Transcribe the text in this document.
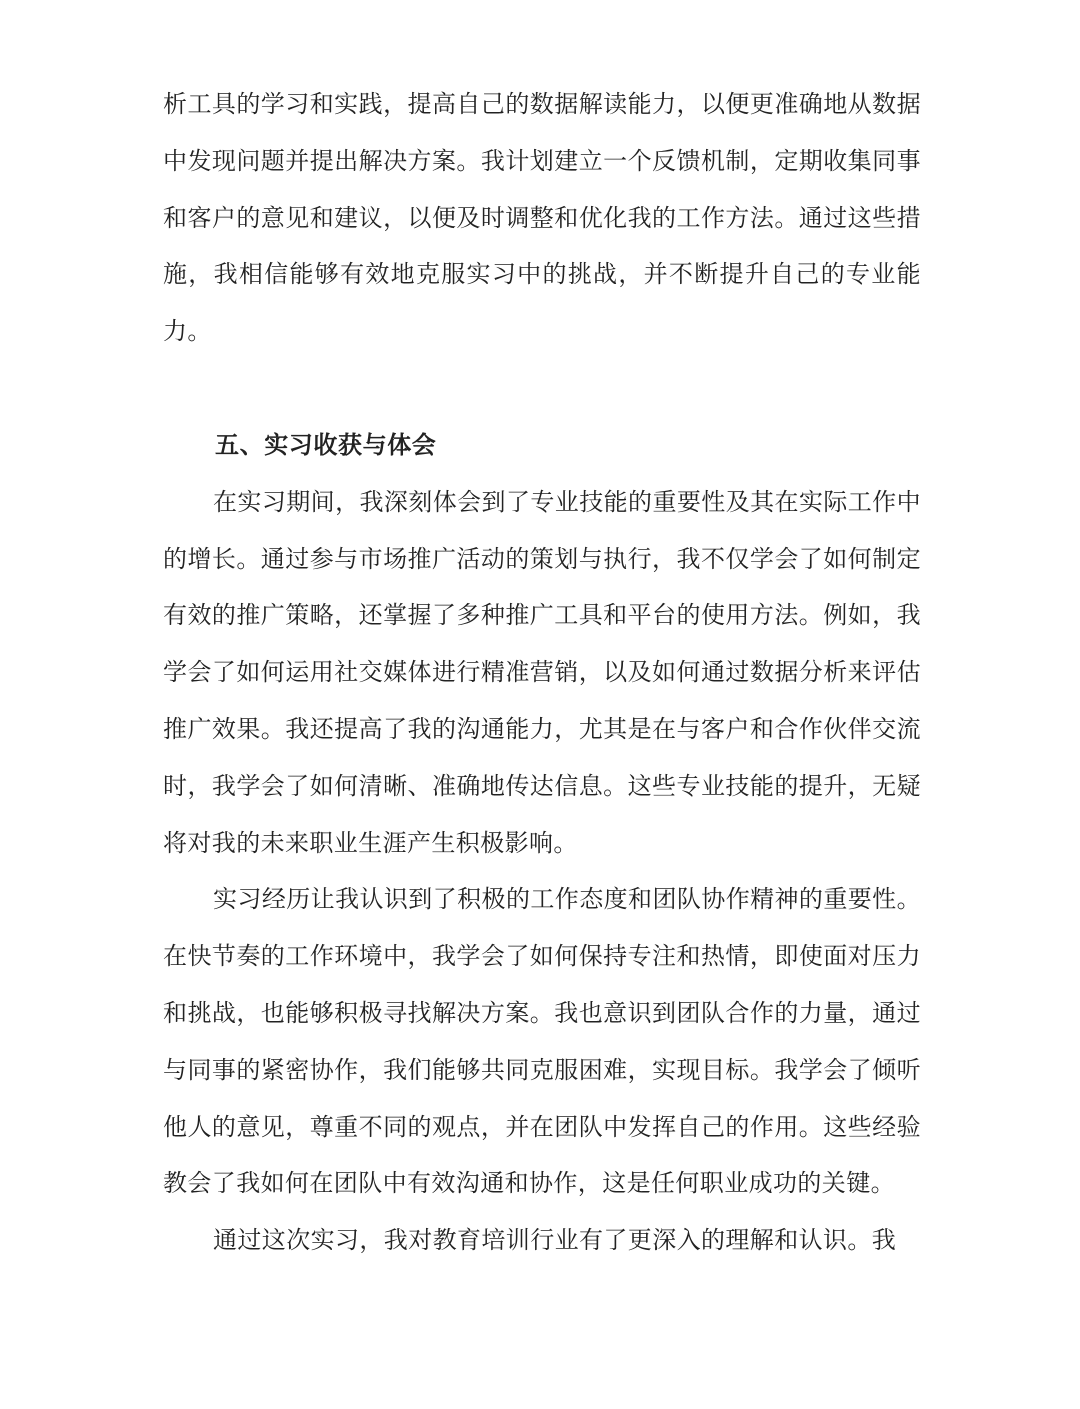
析工具的学习和实践，提高自己的数据解读能力，以便更准确地从数据中发现问题并提出解决方案。我计划建立一个反馈机制，定期收集同事和客户的意见和建议，以便及时调整和优化我的工作方法。通过这些措施，我相信能够有效地克服实习中的挑战，并不断提升自己的专业能力。

五、实习收获与体会

在实习期间，我深刻体会到了专业技能的重要性及其在实际工作中的增长。通过参与市场推广活动的策划与执行，我不仅学会了如何制定有效的推广策略，还掌握了多种推广工具和平台的使用方法。例如，我学会了如何运用社交媒体进行精准营销，以及如何通过数据分析来评估推广效果。我还提高了我的沟通能力，尤其是在与客户和合作伙伴交流时，我学会了如何清晰、准确地传达信息。这些专业技能的提升，无疑将对我的未来职业生涯产生积极影响。

实习经历让我认识到了积极的工作态度和团队协作精神的重要性。在快节奏的工作环境中，我学会了如何保持专注和热情，即使面对压力和挑战，也能够积极寻找解决方案。我也意识到团队合作的力量，通过与同事的紧密协作，我们能够共同克服困难，实现目标。我学会了倾听他人的意见，尊重不同的观点，并在团队中发挥自己的作用。这些经验教会了我如何在团队中有效沟通和协作，这是任何职业成功的关键。

通过这次实习，我对教育培训行业有了更深入的理解和认识。我
